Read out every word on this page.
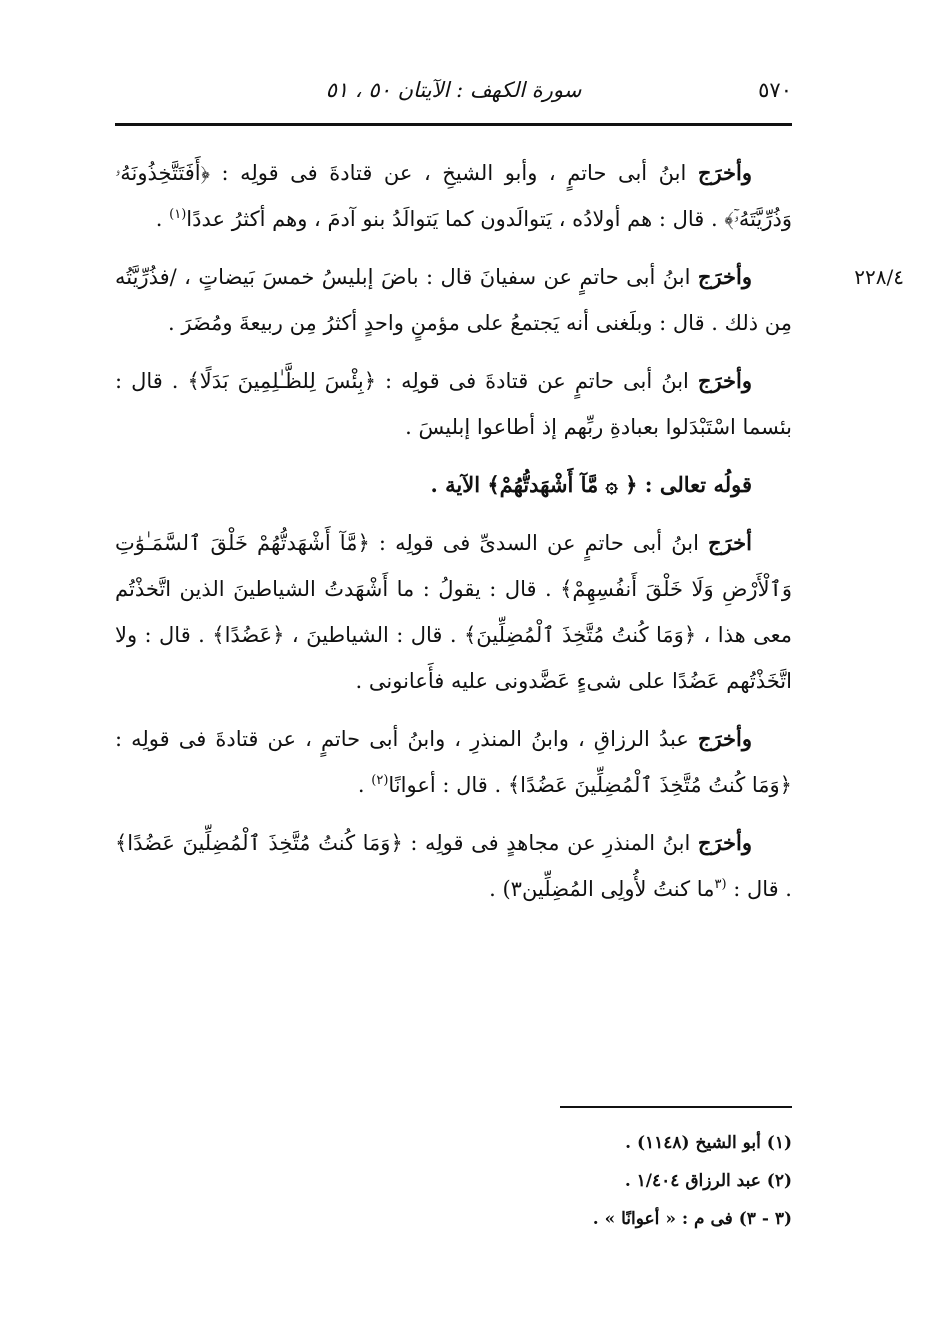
٥٧٠
سورة الكهف : الآيتان ٥٠ ، ٥١

وأخرَج ابنُ أبى حاتمٍ ، وأبو الشيخِ ، عن قتادةَ فى قولِه : ﴿أَفَتَتَّخِذُونَهُۥ وَذُرِّيَّتَهُۥٓ﴾ . قال : هم أولادُه ، يَتوالَدون كما يَتوالَدُ بنو آدمَ ، وهم أكثرُ عددًا$^{(١)}$ .

٢٢٨/٤
وأخرَج ابنُ أبى حاتمٍ عن سفيانَ قال : باضَ إبليسُ خمسَ بَيضاتٍ ، /فذُرِّيَّتُه مِن ذلك . قال : وبلَغنى أنه يَجتمعُ على مؤمنٍ واحدٍ أكثرُ مِن ربيعةَ ومُضَرَ .

وأخرَج ابنُ أبى حاتمٍ عن قتادةَ فى قولِه : ﴿بِئْسَ لِلظَّـٰلِمِينَ بَدَلًا﴾ . قال : بئسما اسْتَبْدَلوا بعبادةِ ربِّهم إذ أطاعوا إبليسَ .

قولُه تعالى : ﴿ ۞ مَّآ أَشْهَدتُّهُمْ﴾ الآية .

أخرَج ابنُ أبى حاتمٍ عن السدىِّ فى قولِه : ﴿مَّآ أَشْهَدتُّهُمْ خَلْقَ ٱلسَّمَـٰوَٰتِ وَٱلْأَرْضِ وَلَا خَلْقَ أَنفُسِهِمْ﴾ . قال : يقولُ : ما أَشْهَدتُ الشياطينَ الذين اتَّخذْتُم معى هذا ، ﴿وَمَا كُنتُ مُتَّخِذَ ٱلْمُضِلِّينَ﴾ . قال : الشياطينَ ، ﴿عَضُدًا﴾ . قال : ولا اتَّخَذْتُهم عَضُدًا على شىءٍ عَضَّدونى عليه فأَعانونى .

وأخرَج عبدُ الرزاقِ ، وابنُ المنذرِ ، وابنُ أبى حاتمٍ ، عن قتادةَ فى قولِه : ﴿وَمَا كُنتُ مُتَّخِذَ ٱلْمُضِلِّينَ عَضُدًا﴾ . قال : أعوانًا$^{(٢)}$ .

وأخرَج ابنُ المنذرِ عن مجاهدٍ فى قولِه : ﴿وَمَا كُنتُ مُتَّخِذَ ٱلْمُضِلِّينَ عَضُدًا﴾ . قال : $^{(٣}$ما كنتُ لأُولِى المُضِلِّين٣) .

(١) أبو الشيخ (١١٤٨) .

(٢) عبد الرزاق ١/٤٠٤ .

(٣ - ٣) فى م : « أعوانًا » .
